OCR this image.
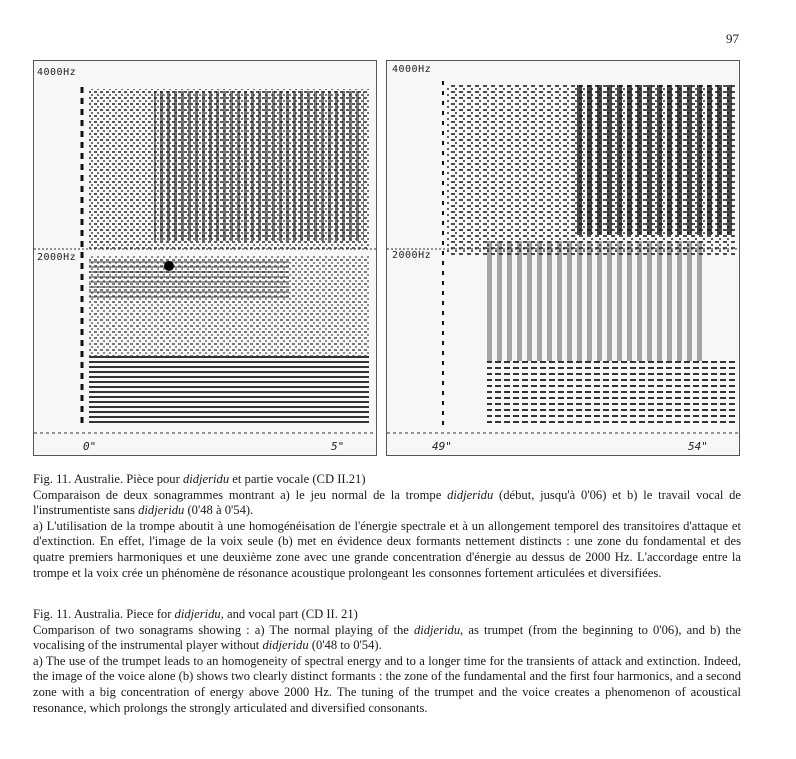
97
4000Hz
2000Hz
0"	5"
4000Hz
2000Hz
49"	54"

Fig. 11. Australie. Pièce pour didjeridu et partie vocale (CD II.21)

Comparaison de deux sonagrammes montrant a) le jeu normal de la trompe didjeridu (début, jusqu'à 0'06) et b) le travail vocal de l'instrumentiste sans didjeridu (0'48 à 0'54).

a) L'utilisation de la trompe aboutit à une homogénéisation de l'énergie spectrale et à un allongement temporel des transitoires d'attaque et d'extinction. En effet, l'image de la voix seule (b) met en évidence deux formants nettement distincts : une zone du fondamental et des quatre premiers harmoniques et une deuxième zone avec une grande concentration d'énergie au dessus de 2000 Hz. L'accordage entre la trompe et la voix crée un phénomène de résonance acoustique prolongeant les consonnes fortement articulées et diversifiées.

Fig. 11. Australia. Piece for didjeridu, and vocal part (CD II. 21)

Comparison of two sonagrams showing : a) The normal playing of the didjeridu, as trumpet (from the beginning to 0'06), and b) the vocalising of the instrumental player without didjeridu (0'48 to 0'54).

a) The use of the trumpet leads to an homogeneity of spectral energy and to a longer time for the transients of attack and extinction. Indeed, the image of the voice alone (b) shows two clearly distinct formants : the zone of the fundamental and the first four harmonics, and a second zone with a big concentration of energy above 2000 Hz. The tuning of the trumpet and the voice creates a phenomenon of acoustical resonance, which prolongs the strongly articulated and diversified consonants.
